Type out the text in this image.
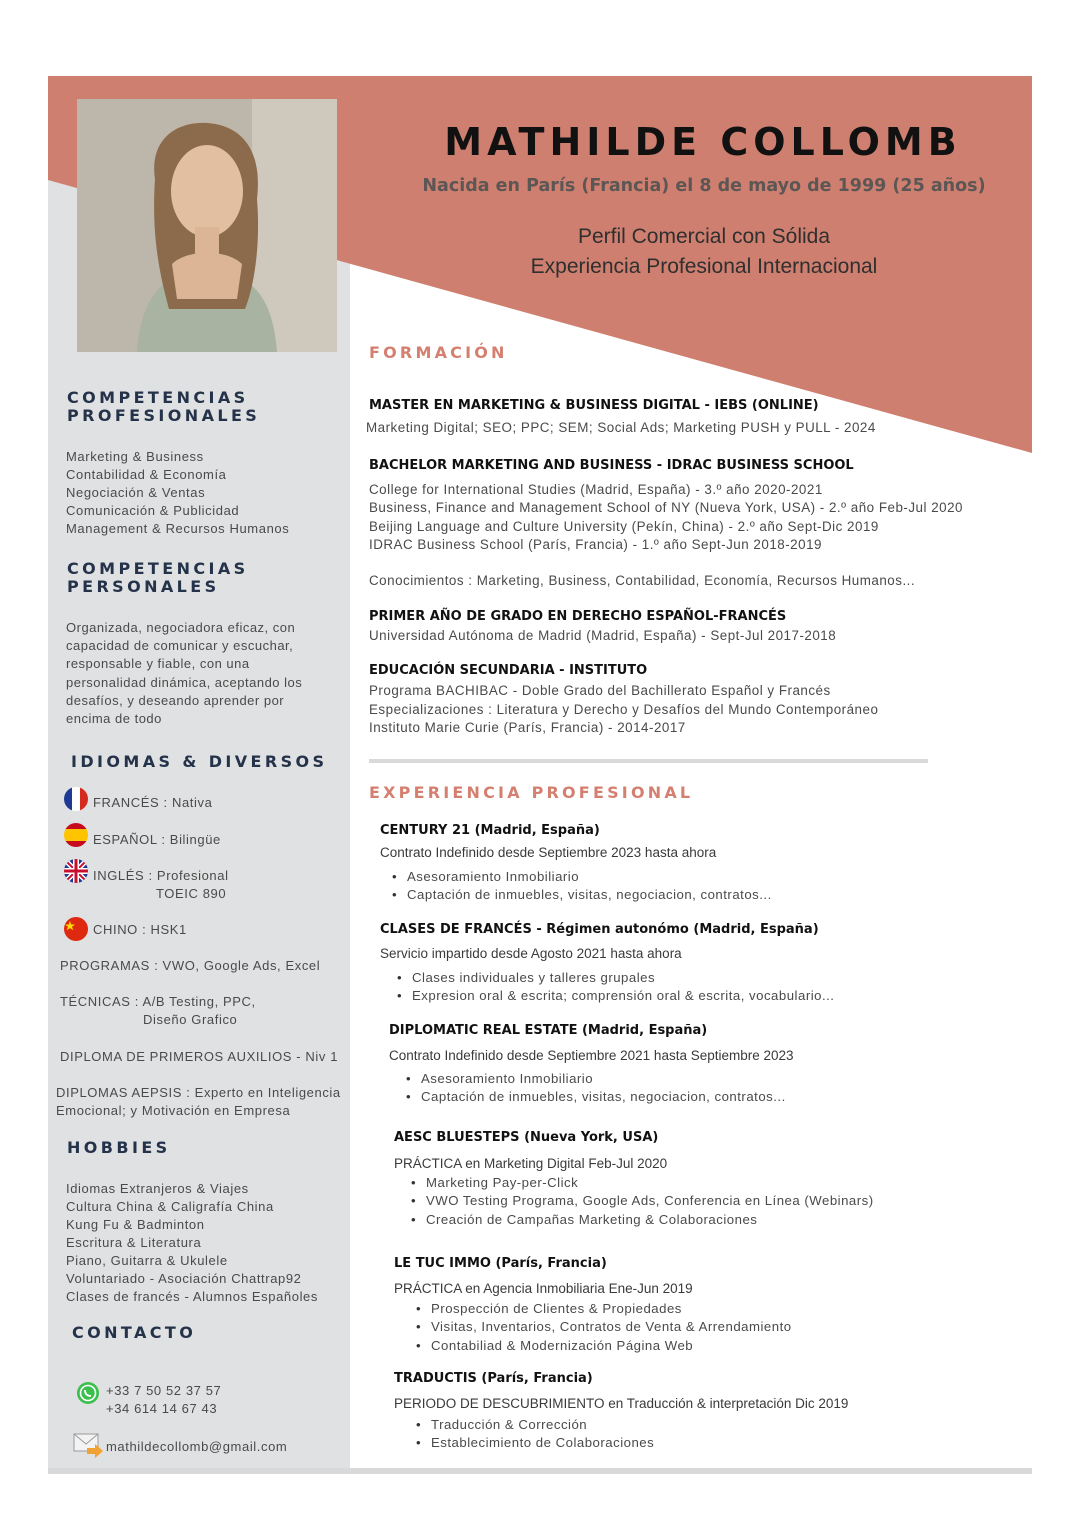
MATHILDE COLLOMB

Nacida en París (Francia) el 8 de mayo de 1999 (25 años)

Perfil Comercial con Sólida
Experiencia Profesional Internacional
COMPETENCIAS
PROFESIONALES
Marketing & Business
Contabilidad & Economía
Negociación & Ventas
Comunicación & Publicidad
Management & Recursos Humanos
COMPETENCIAS
PERSONALES
Organizada, negociadora eficaz, con
capacidad de comunicar y escuchar,
responsable y fiable, con una
personalidad dinámica, aceptando los
desafíos, y deseando aprender por
encima de todo
IDIOMAS & DIVERSOS
FRANCÉS : Nativa
ESPAÑOL : Bilingüe
INGLÉS : Profesional
TOEIC 890
CHINO : HSK1
PROGRAMAS : VWO, Google Ads, Excel
TÉCNICAS : A/B Testing, PPC,
Diseño Grafico
DIPLOMA DE PRIMEROS AUXILIOS - Niv 1
DIPLOMAS AEPSIS : Experto en Inteligencia
Emocional; y Motivación en Empresa
HOBBIES
Idiomas Extranjeros & Viajes
Cultura China & Caligrafía China
Kung Fu & Badminton
Escritura & Literatura
Piano, Guitarra & Ukulele
Voluntariado - Asociación Chattrap92
Clases de francés - Alumnos Españoles
CONTACTO
+33 7 50 52 37 57
+34 614 14 67 43
mathildecollomb@gmail.com
FORMACIÓN
MASTER EN MARKETING & BUSINESS DIGITAL - IEBS (ONLINE)
Marketing Digital; SEO; PPC; SEM; Social Ads; Marketing PUSH y PULL - 2024
BACHELOR MARKETING AND BUSINESS - IDRAC BUSINESS SCHOOL
College for International Studies (Madrid, España) - 3.º año 2020-2021
Business, Finance and Management School of NY (Nueva York, USA) - 2.º año Feb-Jul 2020
Beijing Language and Culture University (Pekín, China) - 2.º año Sept-Dic 2019
IDRAC Business School (París, Francia) - 1.º año Sept-Jun 2018-2019
Conocimientos : Marketing, Business, Contabilidad, Economía, Recursos Humanos...
PRIMER AÑO DE GRADO EN DERECHO ESPAÑOL-FRANCÉS
Universidad Autónoma de Madrid (Madrid, España) - Sept-Jul 2017-2018
EDUCACIÓN SECUNDARIA - INSTITUTO
Programa BACHIBAC - Doble Grado del Bachillerato Español y Francés
Especializaciones : Literatura y Derecho y Desafíos del Mundo Contemporáneo
Instituto Marie Curie (París, Francia) - 2014-2017
EXPERIENCIA PROFESIONAL
CENTURY 21 (Madrid, España)
Contrato Indefinido desde Septiembre 2023 hasta ahora
• Asesoramiento Inmobiliario
• Captación de inmuebles, visitas, negociacion, contratos...
CLASES DE FRANCÉS - Régimen autonómo (Madrid, España)
Servicio impartido desde Agosto 2021 hasta ahora
• Clases individuales y talleres grupales
• Expresion oral & escrita; comprensión oral & escrita, vocabulario...
DIPLOMATIC REAL ESTATE (Madrid, España)
Contrato Indefinido desde Septiembre 2021 hasta Septiembre 2023
• Asesoramiento Inmobiliario
• Captación de inmuebles, visitas, negociacion, contratos...
AESC BLUESTEPS (Nueva York, USA)
PRÁCTICA en Marketing Digital Feb-Jul 2020
• Marketing Pay-per-Click
• VWO Testing Programa, Google Ads, Conferencia en Línea (Webinars)
• Creación de Campañas Marketing & Colaboraciones
LE TUC IMMO (París, Francia)
PRÁCTICA en Agencia Inmobiliaria Ene-Jun 2019
• Prospección de Clientes & Propiedades
• Visitas, Inventarios, Contratos de Venta & Arrendamiento
• Contabiliad & Modernización Página Web
TRADUCTIS (París, Francia)
PERIODO DE DESCUBRIMIENTO en Traducción & interpretación Dic 2019
• Traducción & Corrección
• Establecimiento de Colaboraciones
